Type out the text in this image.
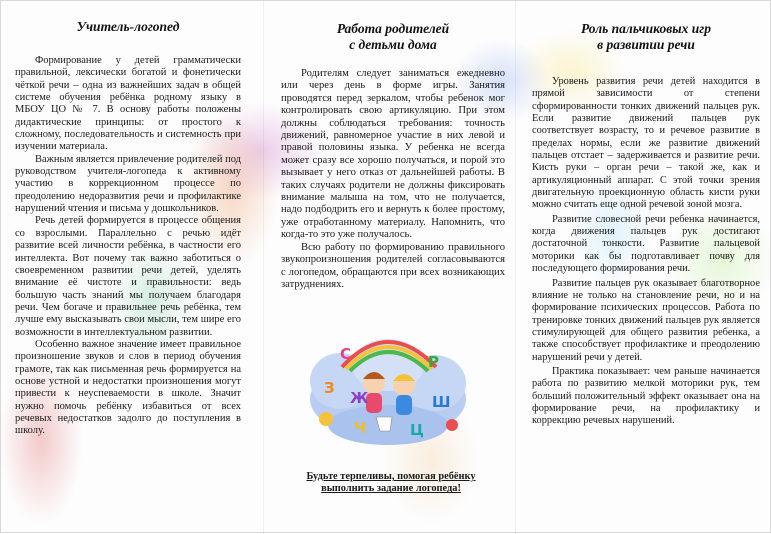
Учитель-логопед

Формирование у детей грамматически правильной, лексически богатой и фонетически чёткой речи – одна из важнейших задач в общей системе обучения ребёнка родному языку в МБОУ ЦО № 7. В основу работы положены дидактические принципы: от простого к сложному, последовательность и системность при изучении материала.

Важным является привлечение родителей под руководством учителя-логопеда к активному участию в коррекционном процессе по преодолению недоразвития речи и профилактике нарушений чтения и письма у дошкольников.

Речь детей формируется в процессе общения со взрослыми. Параллельно с речью идёт развитие всей личности ребёнка, в частности его интеллекта. Вот почему так важно заботиться о своевременном развитии речи детей, уделять внимание её чистоте и правильности: ведь большую часть знаний мы получаем благодаря речи. Чем богаче и правильнее речь ребёнка, тем лучше ему высказывать свои мысли, тем шире его возможности в интеллектуальном развитии.

Особенно важное значение имеет правильное произношение звуков и слов в период обучения грамоте, так как письменная речь формируется на основе устной и недостатки произношения могут привести к неуспеваемости в школе. Значит нужно помочь ребёнку избавиться от всех речевых недостатков задолго до поступления в школу.

Работа родителей
с детьми дома

Родителям следует заниматься ежедневно или через день в форме игры. Занятия проводятся перед зеркалом, чтобы ребенок мог контролировать свою артикуляцию. При этом должны соблюдаться требования: точность движений, равномерное участие в них левой и правой половины языка. У ребенка не всегда может сразу все хорошо получаться, и порой это вызывает у него отказ от дальнейшей работы. В таких случаях родители не должны фиксировать внимание малыша на том, что не получается, надо подбодрить его и вернуть к более простому, уже отработанному материалу. Напомнить, что когда-то это уже получалось.

Всю работу по формированию правильного звукопроизношения родителей согласовываются с логопедом, обращаются при всех возникающих затруднениях.

С	Р
З
Ж	Ш
Ч	Ц
Будьте терпеливы, помогая ребёнку
выполнить задание логопеда!
Роль пальчиковых игр
в развитии речи

Уровень развития речи детей находится в прямой зависимости от степени сформированности тонких движений пальцев рук. Если развитие движений пальцев рук соответствует возрасту, то и речевое развитие в пределах нормы, если же развитие движений пальцев отстает – задерживается и развитие речи. Кисть руки – орган речи – такой же, как и артикуляционный аппарат. С этой точки зрения двигательную проекционную область кисти руки можно считать еще одной речевой зоной мозга.

Развитие словесной речи ребенка начинается, когда движения пальцев рук достигают достаточной тонкости. Развитие пальцевой моторики как бы подготавливает почву для последующего формирования речи.

Развитие пальцев рук оказывает благотворное влияние не только на становление речи, но и на формирование психических процессов. Работа по тренировке тонких движений пальцев рук является стимулирующей для общего развития ребенка, а также способствует профилактике и преодолению нарушений речи у детей.

Практика показывает: чем раньше начинается работа по развитию мелкой моторики рук, тем больший положительный эффект оказывает она на формирование речи, на профилактику и коррекцию речевых нарушений.
